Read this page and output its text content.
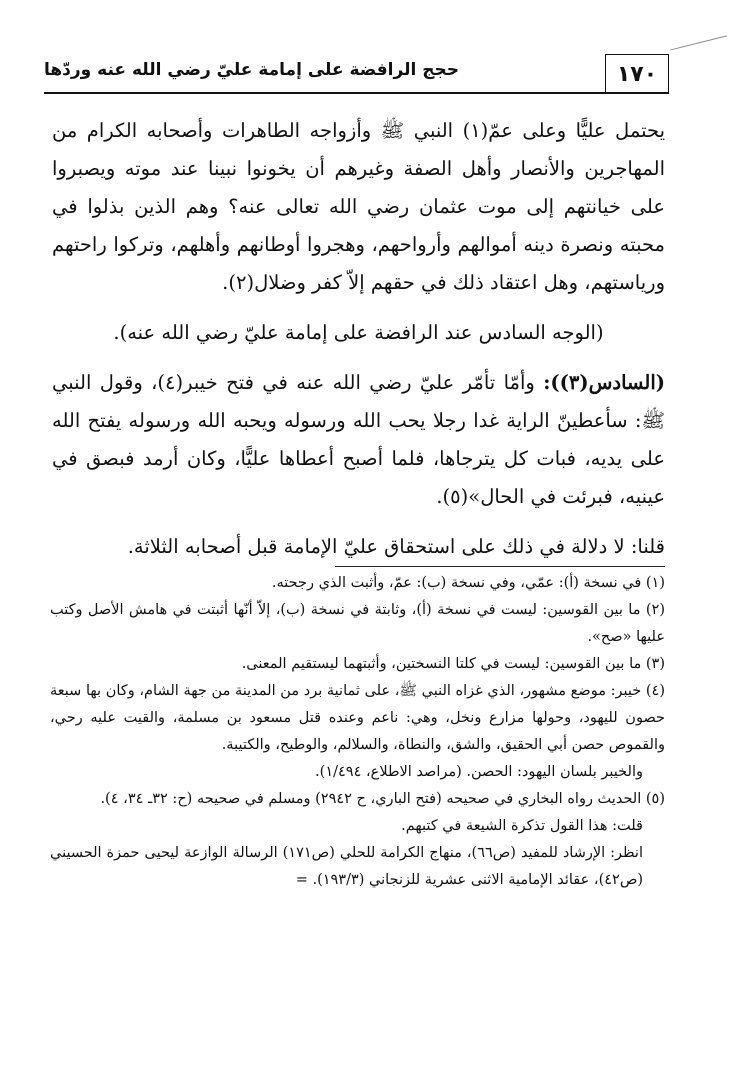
١٧٠
حجج الرافضة على إمامة عليّ رضي الله عنه وردّها

يحتمل عليًّا وعلى عمّ(١) النبي ﷺ وأزواجه الطاهرات وأصحابه الكرام من المهاجرين والأنصار وأهل الصفة وغيرهم أن يخونوا نبينا عند موته ويصبروا على خيانتهم إلى موت عثمان رضي الله تعالى عنه؟ وهم الذين بذلوا في محبته ونصرة دينه أموالهم وأرواحهم، وهجروا أوطانهم وأهلهم، وتركوا راحتهم ورياستهم، وهل اعتقاد ذلك في حقهم إلاّ كفر وضلال(٢).

(الوجه السادس عند الرافضة على إمامة عليّ رضي الله عنه).

(السادس(٣)): وأمّا تأمّر عليّ رضي الله عنه في فتح خيبر(٤)، وقول النبي ﷺ: سأعطينّ الراية غدا رجلا يحب الله ورسوله ويحبه الله ورسوله يفتح الله على يديه، فبات كل يترجاها، فلما أصبح أعطاها عليًّا، وكان أرمد فبصق في عينيه، فبرئت في الحال»(٥).

قلنا: لا دلالة في ذلك على استحقاق عليّ الإمامة قبل أصحابه الثلاثة.

(١) في نسخة (أ): عمّي، وفي نسخة (ب): عمّ، وأثبت الذي رجحته.

(٢) ما بين القوسين: ليست في نسخة (أ)، وثابتة في نسخة (ب)، إلاّ أنّها أثبتت في هامش الأصل وكتب عليها «صح».

(٣) ما بين القوسين: ليست في كلتا النسختين، وأثبتهما ليستقيم المعنى.

(٤) خيبر: موضع مشهور، الذي غزاه النبي ﷺ، على ثمانية برد من المدينة من جهة الشام، وكان بها سبعة حصون لليهود، وحولها مزارع ونخل، وهي: ناعم وعنده قتل مسعود بن مسلمة، والقيت عليه رحي، والقموص حصن أبي الحقيق، والشق، والنطاة، والسلالم، والوطيح، والكتيبة.

والخيبر بلسان اليهود: الحصن. (مراصد الاطلاع، ١/٤٩٤).

(٥) الحديث رواه البخاري في صحيحه (فتح الباري، ح ٢٩٤٢) ومسلم في صحيحه (ح: ٣٢ـ ٣٤، ٤).

قلت: هذا القول تذكرة الشيعة في كتبهم.

انظر: الإرشاد للمفيد (ص٦٦)، منهاج الكرامة للحلي (ص١٧١) الرسالة الوازعة ليحيى حمزة الحسيني (ص٤٢)، عقائد الإمامية الاثنى عشرية للزنجاني (١٩٣/٣). =
